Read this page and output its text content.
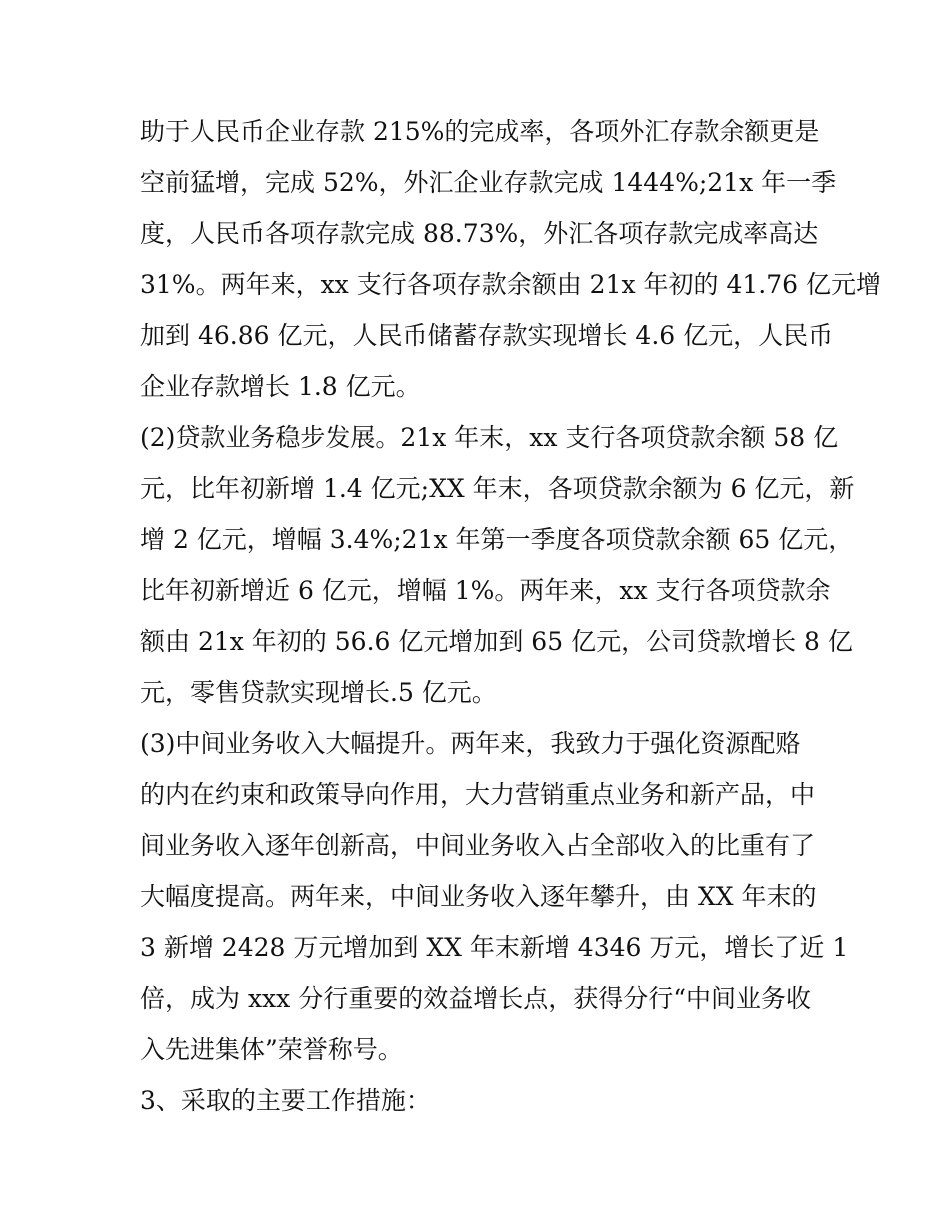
助于人民币企业存款 215%的完成率，各项外汇存款余额更是
空前猛增，完成 52%，外汇企业存款完成 1444%;21x 年一季
度，人民币各项存款完成 88.73%，外汇各项存款完成率高达
31%。两年来，xx 支行各项存款余额由 21x 年初的 41.76 亿元增
加到 46.86 亿元，人民币储蓄存款实现增长 4.6 亿元，人民币
企业存款增长 1.8 亿元。
(2)贷款业务稳步发展。21x 年末，xx 支行各项贷款余额 58 亿
元，比年初新增 1.4 亿元;XX 年末，各项贷款余额为 6 亿元，新
增 2 亿元，增幅 3.4%;21x 年第一季度各项贷款余额 65 亿元，
比年初新增近 6 亿元，增幅 1%。两年来，xx 支行各项贷款余
额由 21x 年初的 56.6 亿元增加到 65 亿元，公司贷款增长 8 亿
元，零售贷款实现增长.5 亿元。
(3)中间业务收入大幅提升。两年来，我致力于强化资源配赂
的内在约束和政策导向作用，大力营销重点业务和新产品，中
间业务收入逐年创新高，中间业务收入占全部收入的比重有了
大幅度提高。两年来，中间业务收入逐年攀升，由 XX 年末的
3 新增 2428 万元增加到 XX 年末新增 4346 万元，增长了近 1
倍，成为 xxx 分行重要的效益增长点，获得分行“中间业务收
入先进集体”荣誉称号。
3、采取的主要工作措施：
